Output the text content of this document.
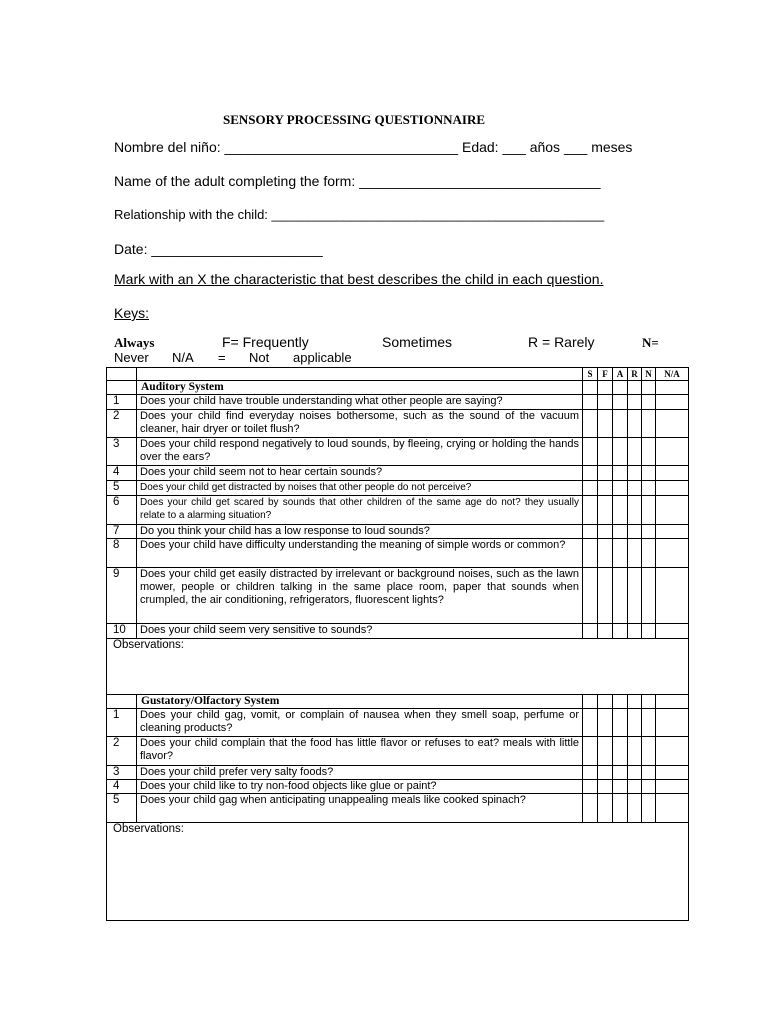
SENSORY PROCESSING QUESTIONNAIRE
Nombre del niño: ______________________________ Edad: ___ años ___ meses
Name of the adult completing the form: _______________________________
Relationship with the child: ______________________________________________
Date: ______________________
Mark with an X the characteristic that best describes the child in each question.
Keys:
Always	F= Frequently	Sometimes	R = Rarely	N=
Never N/A = Not applicable
		S	F	A	R	N	N/A
	Auditory System						
1	Does your child have trouble understanding what other people are saying?						
2	Does your child find everyday noises bothersome, such as the sound of the vacuum cleaner, hair dryer or toilet flush?						
3	Does your child respond negatively to loud sounds, by fleeing, crying or holding the hands over the ears?						
4	Does your child seem not to hear certain sounds?						
5	Does your child get distracted by noises that other people do not perceive?						
6	Does your child get scared by sounds that other children of the same age do not? they usually relate to a alarming situation?						
7	Do you think your child has a low response to loud sounds?						
8	Does your child have difficulty understanding the meaning of simple words or common?						
9	Does your child get easily distracted by irrelevant or background noises, such as the lawn mower, people or children talking in the same place room, paper that sounds when crumpled, the air conditioning, refrigerators, fluorescent lights?						
10	Does your child seem very sensitive to sounds?						
Observations:							
	Gustatory/Olfactory System						
1	Does your child gag, vomit, or complain of nausea when they smell soap, perfume or cleaning products?						
2	Does your child complain that the food has little flavor or refuses to eat? meals with little flavor?						
3	Does your child prefer very salty foods?						
4	Does your child like to try non-food objects like glue or paint?						
5	Does your child gag when anticipating unappealing meals like cooked spinach?						
Observations:							
